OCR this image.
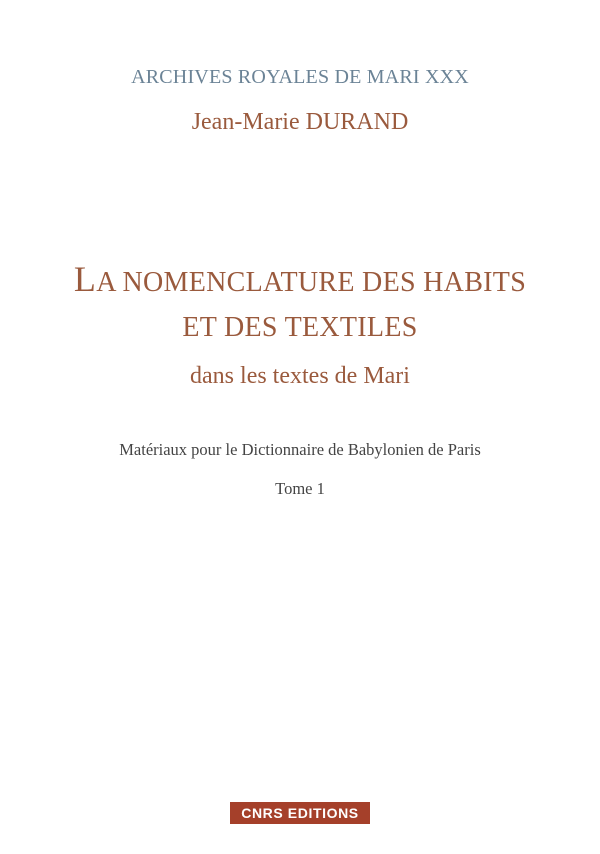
ARCHIVES ROYALES DE MARI XXX
Jean-Marie DURAND
LA NOMENCLATURE DES HABITS
ET DES TEXTILES
dans les textes de Mari
Matériaux pour le Dictionnaire de Babylonien de Paris
Tome 1
CNRS EDITIONS
